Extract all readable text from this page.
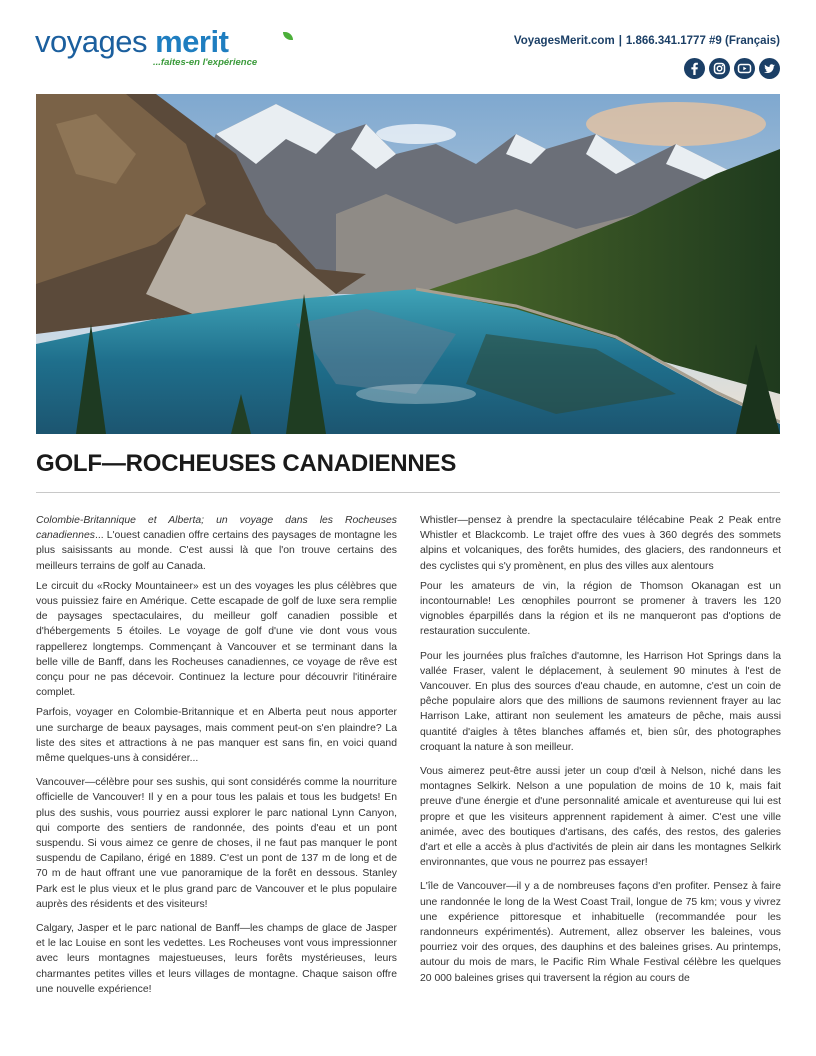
voyages merit
...faites-en l'expérience
VoyagesMerit.com | 1.866.341.1777 #9 (Français)
GOLF—ROCHEUSES CANADIENNES

Colombie-Britannique et Alberta; un voyage dans les Rocheuses canadiennes... L'ouest canadien offre certains des paysages de montagne les plus saisissants au monde. C'est aussi là que l'on trouve certains des meilleurs terrains de golf au Canada.

Le circuit du «Rocky Mountaineer» est un des voyages les plus célèbres que vous puissiez faire en Amérique. Cette escapade de golf de luxe sera remplie de paysages spectaculaires, du meilleur golf canadien possible et d'hébergements 5 étoiles. Le voyage de golf d'une vie dont vous vous rappellerez longtemps. Commençant à Vancouver et se terminant dans la belle ville de Banff, dans les Rocheuses canadiennes, ce voyage de rêve est conçu pour ne pas décevoir. Continuez la lecture pour découvrir l'itinéraire complet.

Parfois, voyager en Colombie-Britannique et en Alberta peut nous apporter une surcharge de beaux paysages, mais comment peut-on s'en plaindre? La liste des sites et attractions à ne pas manquer est sans fin, en voici quand même quelques-uns à considérer...

Vancouver—célèbre pour ses sushis, qui sont considérés comme la nourriture officielle de Vancouver! Il y en a pour tous les palais et tous les budgets! En plus des sushis, vous pourriez aussi explorer le parc national Lynn Canyon, qui comporte des sentiers de randonnée, des points d'eau et un pont suspendu. Si vous aimez ce genre de choses, il ne faut pas manquer le pont suspendu de Capilano, érigé en 1889. C'est un pont de 137 m de long et de 70 m de haut offrant une vue panoramique de la forêt en dessous. Stanley Park est le plus vieux et le plus grand parc de Vancouver et le plus populaire auprès des résidents et des visiteurs!

Calgary, Jasper et le parc national de Banff—les champs de glace de Jasper et le lac Louise en sont les vedettes. Les Rocheuses vont vous impressionner avec leurs montagnes majestueuses, leurs forêts mystérieuses, leurs charmantes petites villes et leurs villages de montagne. Chaque saison offre une nouvelle expérience!

Whistler—pensez à prendre la spectaculaire télécabine Peak 2 Peak entre Whistler et Blackcomb. Le trajet offre des vues à 360 degrés des sommets alpins et volcaniques, des forêts humides, des glaciers, des randonneurs et des cyclistes qui s'y promènent, en plus des villes aux alentours

Pour les amateurs de vin, la région de Thomson Okanagan est un incontournable! Les œnophiles pourront se promener à travers les 120 vignobles éparpillés dans la région et ils ne manqueront pas d'options de restauration succulente.

Pour les journées plus fraîches d'automne, les Harrison Hot Springs dans la vallée Fraser, valent le déplacement, à seulement 90 minutes à l'est de Vancouver. En plus des sources d'eau chaude, en automne, c'est un coin de pêche populaire alors que des millions de saumons reviennent frayer au lac Harrison Lake, attirant non seulement les amateurs de pêche, mais aussi quantité d'aigles à têtes blanches affamés et, bien sûr, des photographes croquant la nature à son meilleur.

Vous aimerez peut-être aussi jeter un coup d'œil à Nelson, niché dans les montagnes Selkirk. Nelson a une population de moins de 10 k, mais fait preuve d'une énergie et d'une personnalité amicale et aventureuse qui lui est propre et que les visiteurs apprennent rapidement à aimer. C'est une ville animée, avec des boutiques d'artisans, des cafés, des restos, des galeries d'art et elle a accès à plus d'activités de plein air dans les montagnes Selkirk environnantes, que vous ne pourrez pas essayer!

L'île de Vancouver—il y a de nombreuses façons d'en profiter. Pensez à faire une randonnée le long de la West Coast Trail, longue de 75 km; vous y vivrez une expérience pittoresque et inhabituelle (recommandée pour les randonneurs expérimentés). Autrement, allez observer les baleines, vous pourriez voir des orques, des dauphins et des baleines grises. Au printemps, autour du mois de mars, le Pacific Rim Whale Festival célèbre les quelques 20 000 baleines grises qui traversent la région au cours de
